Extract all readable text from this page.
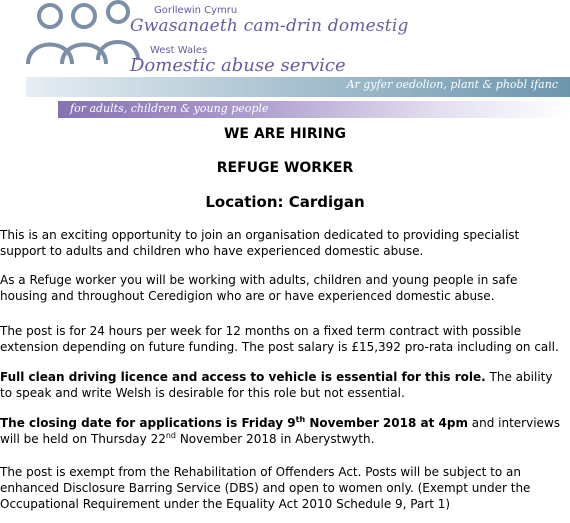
Gorllewin Cymru
Gwasanaeth cam-drin domestig
West Wales
Domestic abuse service
Ar gyfer oedolion, plant & phobl ifanc
for adults, children & young people
WE ARE HIRING
REFUGE WORKER
Location: Cardigan

This is an exciting opportunity to join an organisation dedicated to providing specialist support to adults and children who have experienced domestic abuse.

As a Refuge worker you will be working with adults, children and young people in safe housing and throughout Ceredigion who are or have experienced domestic abuse.

The post is for 24 hours per week for 12 months on a fixed term contract with possible extension depending on future funding. The post salary is £15,392 pro-rata including on call.

Full clean driving licence and access to vehicle is essential for this role. The ability to speak and write Welsh is desirable for this role but not essential.

The closing date for applications is Friday 9th November 2018 at 4pm and interviews will be held on Thursday 22nd November 2018 in Aberystwyth.

The post is exempt from the Rehabilitation of Offenders Act. Posts will be subject to an enhanced Disclosure Barring Service (DBS) and open to women only. (Exempt under the Occupational Requirement under the Equality Act 2010 Schedule 9, Part 1)
